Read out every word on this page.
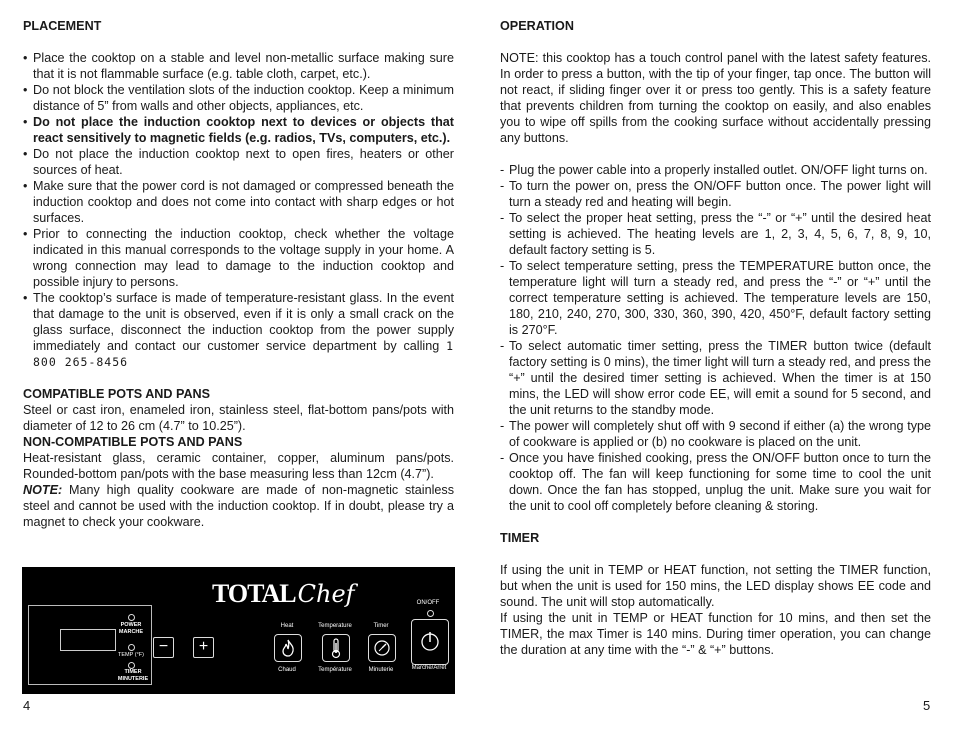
PLACEMENT
• Place the cooktop on a stable and level non-metallic surface making sure that it is not flammable surface (e.g. table cloth, carpet, etc.).
• Do not block the ventilation slots of the induction cooktop. Keep a minimum distance of 5” from walls and other objects, appliances, etc.
• Do not place the induction cooktop next to devices or objects that react sensitively to magnetic fields (e.g. radios, TVs, computers, etc.).
• Do not place the induction cooktop next to open fires, heaters or other sources of heat.
• Make sure that the power cord is not damaged or compressed beneath the induction cooktop and does not come into contact with sharp edges or hot surfaces.
• Prior to connecting the induction cooktop, check whether the voltage indicated in this manual corresponds to the voltage supply in your home. A wrong connection may lead to damage to the induction cooktop and possible injury to persons.
• The cooktop’s surface is made of temperature-resistant glass. In the event that damage to the unit is observed, even if it is only a small crack on the glass surface, disconnect the induction cooktop from the power supply immediately and contact our customer service department by calling 1 800 265-8456
COMPATIBLE POTS AND PANS

Steel or cast iron, enameled iron, stainless steel, flat-bottom pans/pots with diameter of 12 to 26 cm (4.7” to 10.25”).

NON-COMPATIBLE POTS AND PANS

Heat-resistant glass, ceramic container, copper, aluminum pans/pots. Rounded-bottom pan/pots with the base measuring less than 12cm (4.7”).

NOTE: Many high quality cookware are made of non-magnetic stainless steel and cannot be used with the induction cooktop. If in doubt, please try a magnet to check your cookware.

TOTALChef
POWER
MARCHE
TEMP (°F)
TIMER
MINUTERIE
−	+
Heat
Chaud
Temperature
Température
Timer
Minuterie
ON/OFF
Marche/Arrêt
4
OPERATION

NOTE: this cooktop has a touch control panel with the latest safety features. In order to press a button, with the tip of your finger, tap once. The button will not react, if sliding finger over it or press too gently. This is a safety feature that prevents children from turning the cooktop on easily, and also enables you to wipe off spills from the cooking surface without accidentally pressing any buttons.

- Plug the power cable into a properly installed outlet. ON/OFF light turns on.
- To turn the power on, press the ON/OFF button once. The power light will turn a steady red and heating will begin.
- To select the proper heat setting, press the “-” or “+” until the desired heat setting is achieved. The heating levels are 1, 2, 3, 4, 5, 6, 7, 8, 9, 10, default factory setting is 5.
- To select temperature setting, press the TEMPERATURE button once, the temperature light will turn a steady red, and press the “-” or “+” until the correct temperature setting is achieved. The temperature levels are 150, 180, 210, 240, 270, 300, 330, 360, 390, 420, 450°F, default factory setting is 270°F.
- To select automatic timer setting, press the TIMER button twice (default factory setting is 0 mins), the timer light will turn a steady red, and press the “+” until the desired timer setting is achieved. When the timer is at 150 mins, the LED will show error code EE, will emit a sound for 5 second, and the unit returns to the standby mode.
- The power will completely shut off with 9 second if either (a) the wrong type of cookware is applied or (b) no cookware is placed on the unit.
- Once you have finished cooking, press the ON/OFF button once to turn the cooktop off. The fan will keep functioning for some time to cool the unit down. Once the fan has stopped, unplug the unit. Make sure you wait for the unit to cool off completely before cleaning & storing.
TIMER

If using the unit in TEMP or HEAT function, not setting the TIMER function, but when the unit is used for 150 mins, the LED display shows EE code and sound. The unit will stop automatically.

If using the unit in TEMP or HEAT function for 10 mins, and then set the TIMER, the max Timer is 140 mins. During timer operation, you can change the duration at any time with the “-” & “+” buttons.

5
